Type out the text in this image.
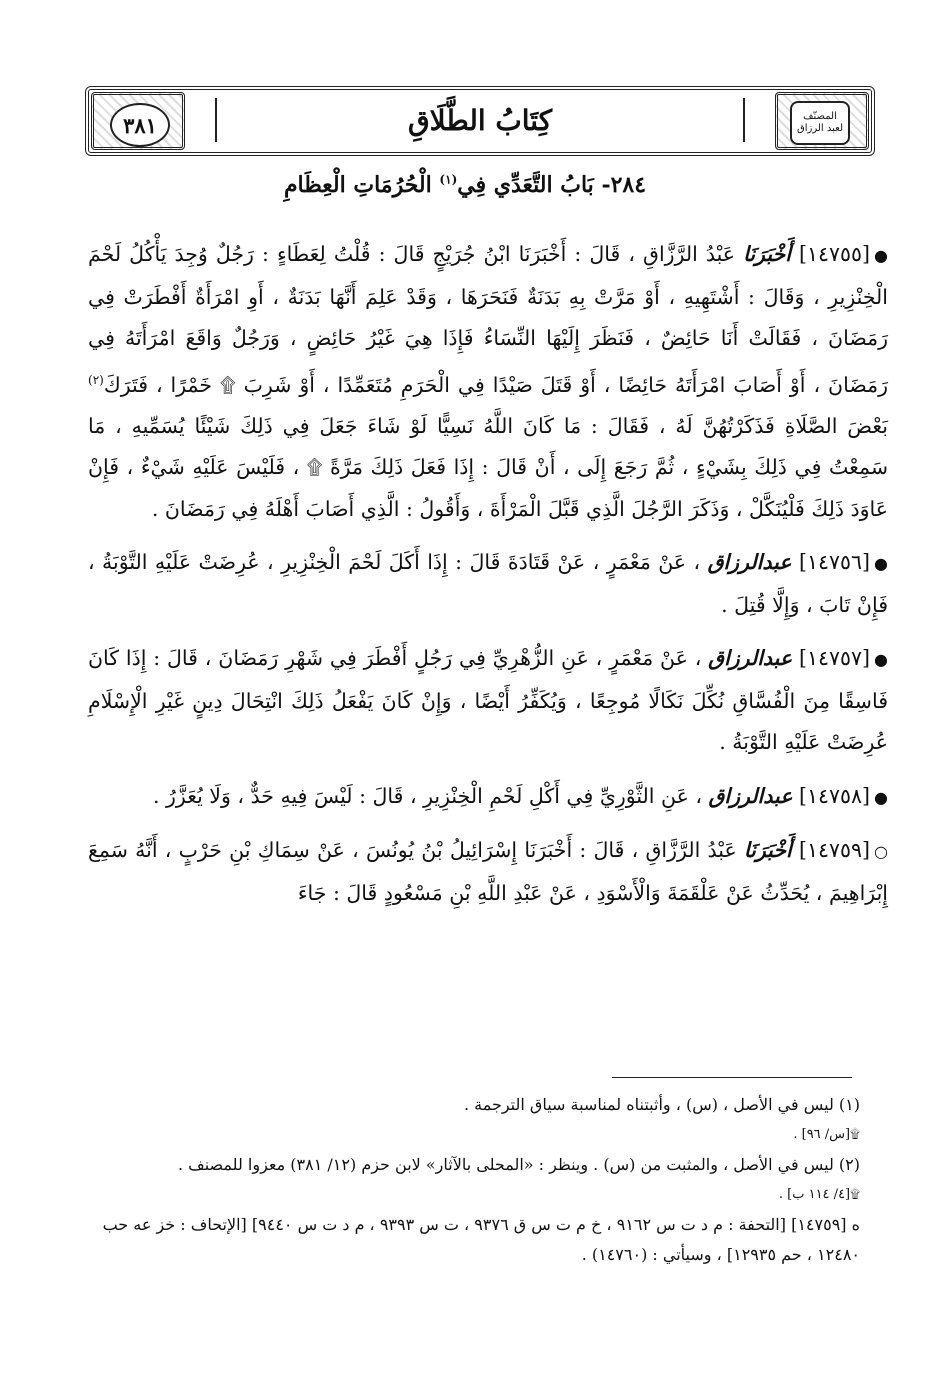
المصنّف
لعبد الرزاق
٣٨١	كِتَابُ الطَّلَاقِ
٢٨٤- بَابُ التَّعَدِّي فِي$^{(١)}$ الْحُرُمَاتِ الْعِظَامِ

●[١٤٧٥٥] أَخْبَرَنَا عَبْدُ الرَّزَّاقِ ، قَالَ : أَخْبَرَنَا ابْنُ جُرَيْجٍ قَالَ : قُلْتُ لِعَطَاءٍ : رَجُلٌ وُجِدَ يَأْكُلُ لَحْمَ الْخِنْزِيرِ ، وَقَالَ : أَشْتَهِيهِ ، أَوْ مَرَّتْ بِهِ بَدَنَةٌ فَنَحَرَهَا ، وَقَدْ عَلِمَ أَنَّهَا بَدَنَةٌ ، أَوِ امْرَأَةٌ أَفْطَرَتْ فِي رَمَضَانَ ، فَقَالَتْ أَنَا حَائِضٌ ، فَنَظَرَ إِلَيْهَا النِّسَاءُ فَإِذَا هِيَ غَيْرُ حَائِضٍ ، وَرَجُلٌ وَاقَعَ امْرَأَتَهُ فِي رَمَضَانَ ، أَوْ أَصَابَ امْرَأَتَهُ حَائِضًا ، أَوْ قَتَلَ صَيْدًا فِي الْحَرَمِ مُتَعَمِّدًا ، أَوْ شَرِبَ ۩ خَمْرًا ، فَتَرَكَ$^{(٢)}$ بَعْضَ الصَّلَاةِ فَذَكَرْتُهُنَّ لَهُ ، فَقَالَ : مَا كَانَ اللَّهُ نَسِيًّا لَوْ شَاءَ جَعَلَ فِي ذَلِكَ شَيْئًا يُسَمِّيهِ ، مَا سَمِعْتُ فِي ذَلِكَ بِشَيْءٍ ، ثُمَّ رَجَعَ إِلَى ، أَنْ قَالَ : إِذَا فَعَلَ ذَلِكَ مَرَّةً ۩ ، فَلَيْسَ عَلَيْهِ شَيْءٌ ، فَإِنْ عَاوَدَ ذَلِكَ فَلْيُنَكَّلْ ، وَذَكَرَ الرَّجُلَ الَّذِي قَبَّلَ الْمَرْأَةَ ، وَأَقُولُ : الَّذِي أَصَابَ أَهْلَهُ فِي رَمَضَانَ .

●[١٤٧٥٦] عبدالرزاق ، عَنْ مَعْمَرٍ ، عَنْ قَتَادَةَ قَالَ : إِذَا أَكَلَ لَحْمَ الْخِنْزِيرِ ، عُرِضَتْ عَلَيْهِ التَّوْبَةُ ، فَإِنْ تَابَ ، وَإِلَّا قُتِلَ .

●[١٤٧٥٧] عبدالرزاق ، عَنْ مَعْمَرٍ ، عَنِ الزُّهْرِيِّ فِي رَجُلٍ أَفْطَرَ فِي شَهْرِ رَمَضَانَ ، قَالَ : إِذَا كَانَ فَاسِقًا مِنَ الْفُسَّاقِ نُكِّلَ نَكَالًا مُوجِعًا ، وَيُكَفِّرُ أَيْضًا ، وَإِنْ كَانَ يَفْعَلُ ذَلِكَ انْتِحَالَ دِينٍ غَيْرِ الْإِسْلَامِ عُرِضَتْ عَلَيْهِ التَّوْبَةُ .

●[١٤٧٥٨] عبدالرزاق ، عَنِ الثَّوْرِيِّ فِي أَكْلِ لَحْمِ الْخِنْزِيرِ ، قَالَ : لَيْسَ فِيهِ حَدٌّ ، وَلَا يُعَزَّرُ .

○[١٤٧٥٩] أَخْبَرَنَا عَبْدُ الرَّزَّاقِ ، قَالَ : أَخْبَرَنَا إِسْرَائِيلُ بْنُ يُونُسَ ، عَنْ سِمَاكِ بْنِ حَرْبٍ ، أَنَّهُ سَمِعَ إِبْرَاهِيمَ ، يُحَدِّثُ عَنْ عَلْقَمَةَ وَالْأَسْوَدِ ، عَنْ عَبْدِ اللَّهِ بْنِ مَسْعُودٍ قَالَ : جَاءَ

(١) ليس في الأصل ، (س) ، وأثبتناه لمناسبة سياق الترجمة .

۩[س/ ٩٦] .

(٢) ليس في الأصل ، والمثبت من (س) . وينظر : «المحلى بالآثار» لابن حزم (١٢/ ٣٨١) معزوا للمصنف .

۩[٤/ ١١٤ ب] .

ه [١٤٧٥٩] [التحفة : م د ت س ٩١٦٢ ، خ م ت س ق ٩٣٧٦ ، ت س ٩٣٩٣ ، م د ت س ٩٤٤٠] [الإتحاف : خز عه حب ١٢٤٨٠ ، حم ١٢٩٣٥] ، وسيأتي : (١٤٧٦٠) .
